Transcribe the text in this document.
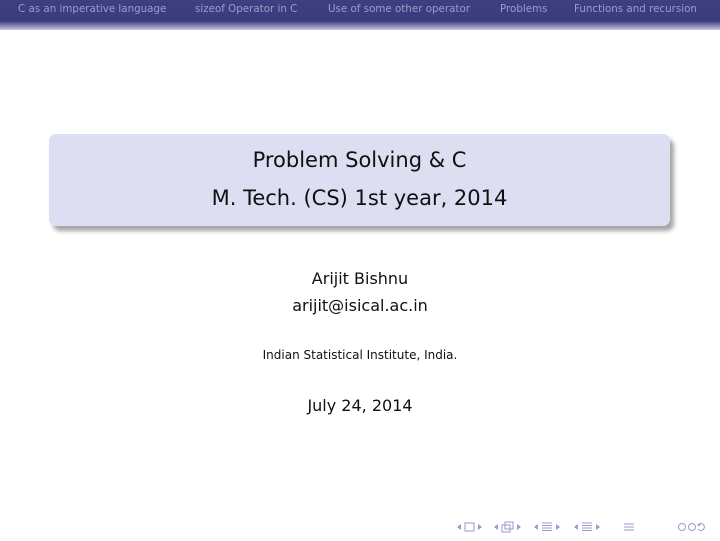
C as an imperative language	sizeof Operator in C	Use of some other operator	Problems	Functions and recursion
Problem Solving & C
M. Tech. (CS) 1st year, 2014
Arijit Bishnu
arijit@isical.ac.in
Indian Statistical Institute, India.
July 24, 2014
